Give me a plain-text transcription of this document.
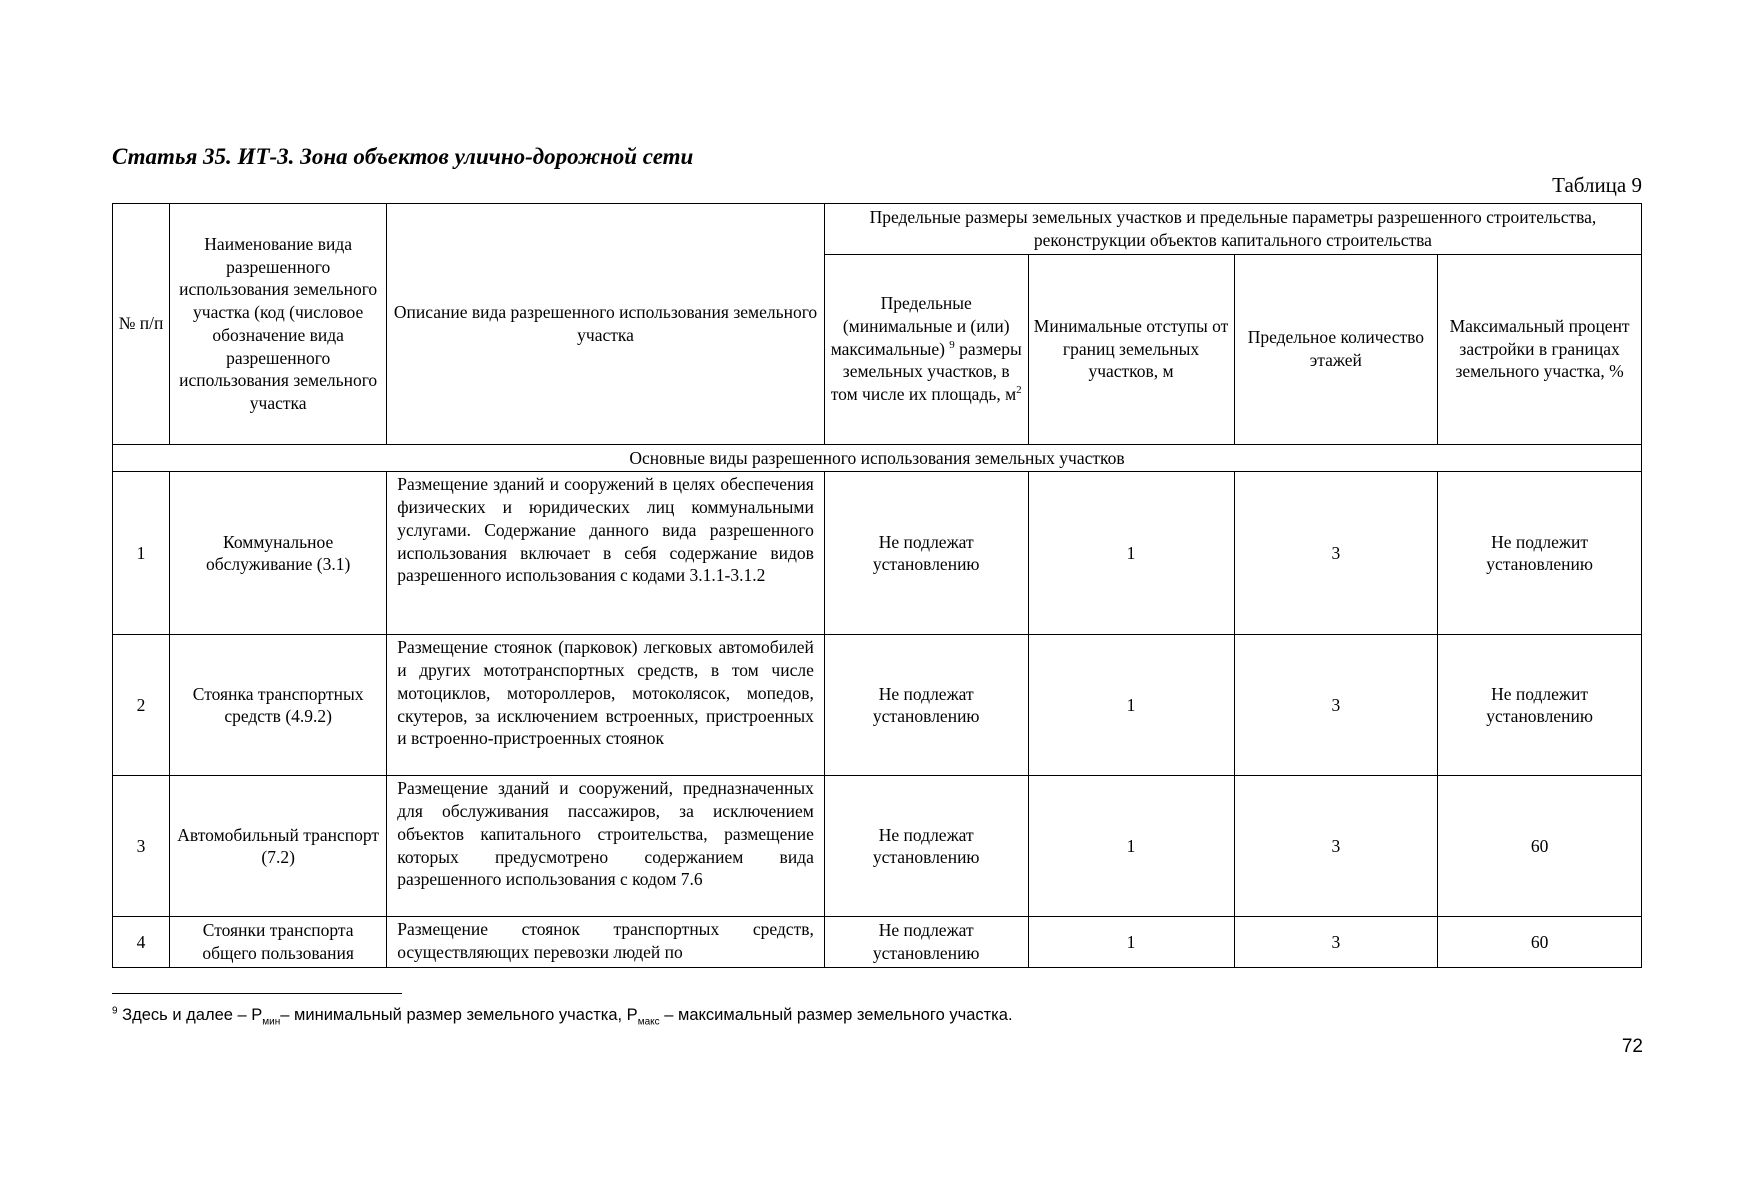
Статья 35. ИТ-3. Зона объектов улично-дорожной сети
Таблица 9
№ п/п	Наименование вида разрешенного использования земельного участка (код (числовое обозначение вида разрешенного использования земельного участка	Описание вида разрешенного использования земельного участка	Предельные размеры земельных участков и предельные параметры разрешенного строительства, реконструкции объектов капитального строительства			
			Предельные (минимальные и (или) максимальные) $^9$ размеры земельных участков, в том числе их площадь, $м^2$	Минимальные отступы от границ земельных участков, м	Предельное количество этажей	Максимальный процент застройки в границах земельного участка, %
Основные виды разрешенного использования земельных участков						
1	Коммунальное обслуживание (3.1)	Размещение зданий и сооружений в целях обеспечения физических и юридических лиц коммунальными услугами. Содержание данного вида разрешенного использования включает в себя содержание видов разрешенного использования с кодами 3.1.1-3.1.2	Не подлежат установлению	1	3	Не подлежит установлению
2	Стоянка транспортных средств (4.9.2)	Размещение стоянок (парковок) легковых автомобилей и других мототранспортных средств, в том числе мотоциклов, мотороллеров, мотоколясок, мопедов, скутеров, за исключением встроенных, пристроенных и встроенно-пристроенных стоянок	Не подлежат установлению	1	3	Не подлежит установлению
3	Автомобильный транспорт (7.2)	Размещение зданий и сооружений, предназначенных для обслуживания пассажиров, за исключением объектов капитального строительства, размещение которых предусмотрено содержанием вида разрешенного использования с кодом 7.6	Не подлежат установлению	1	3	60
4	Стоянки транспорта общего пользования	Размещение стоянок транспортных средств, осуществляющих перевозки людей по	Не подлежат установлению	1	3	60
$^9$ Здесь и далее – $Р_{мин}-$ минимальный размер земельного участка, $Р_{макс}$ – максимальный размер земельного участка.
72
